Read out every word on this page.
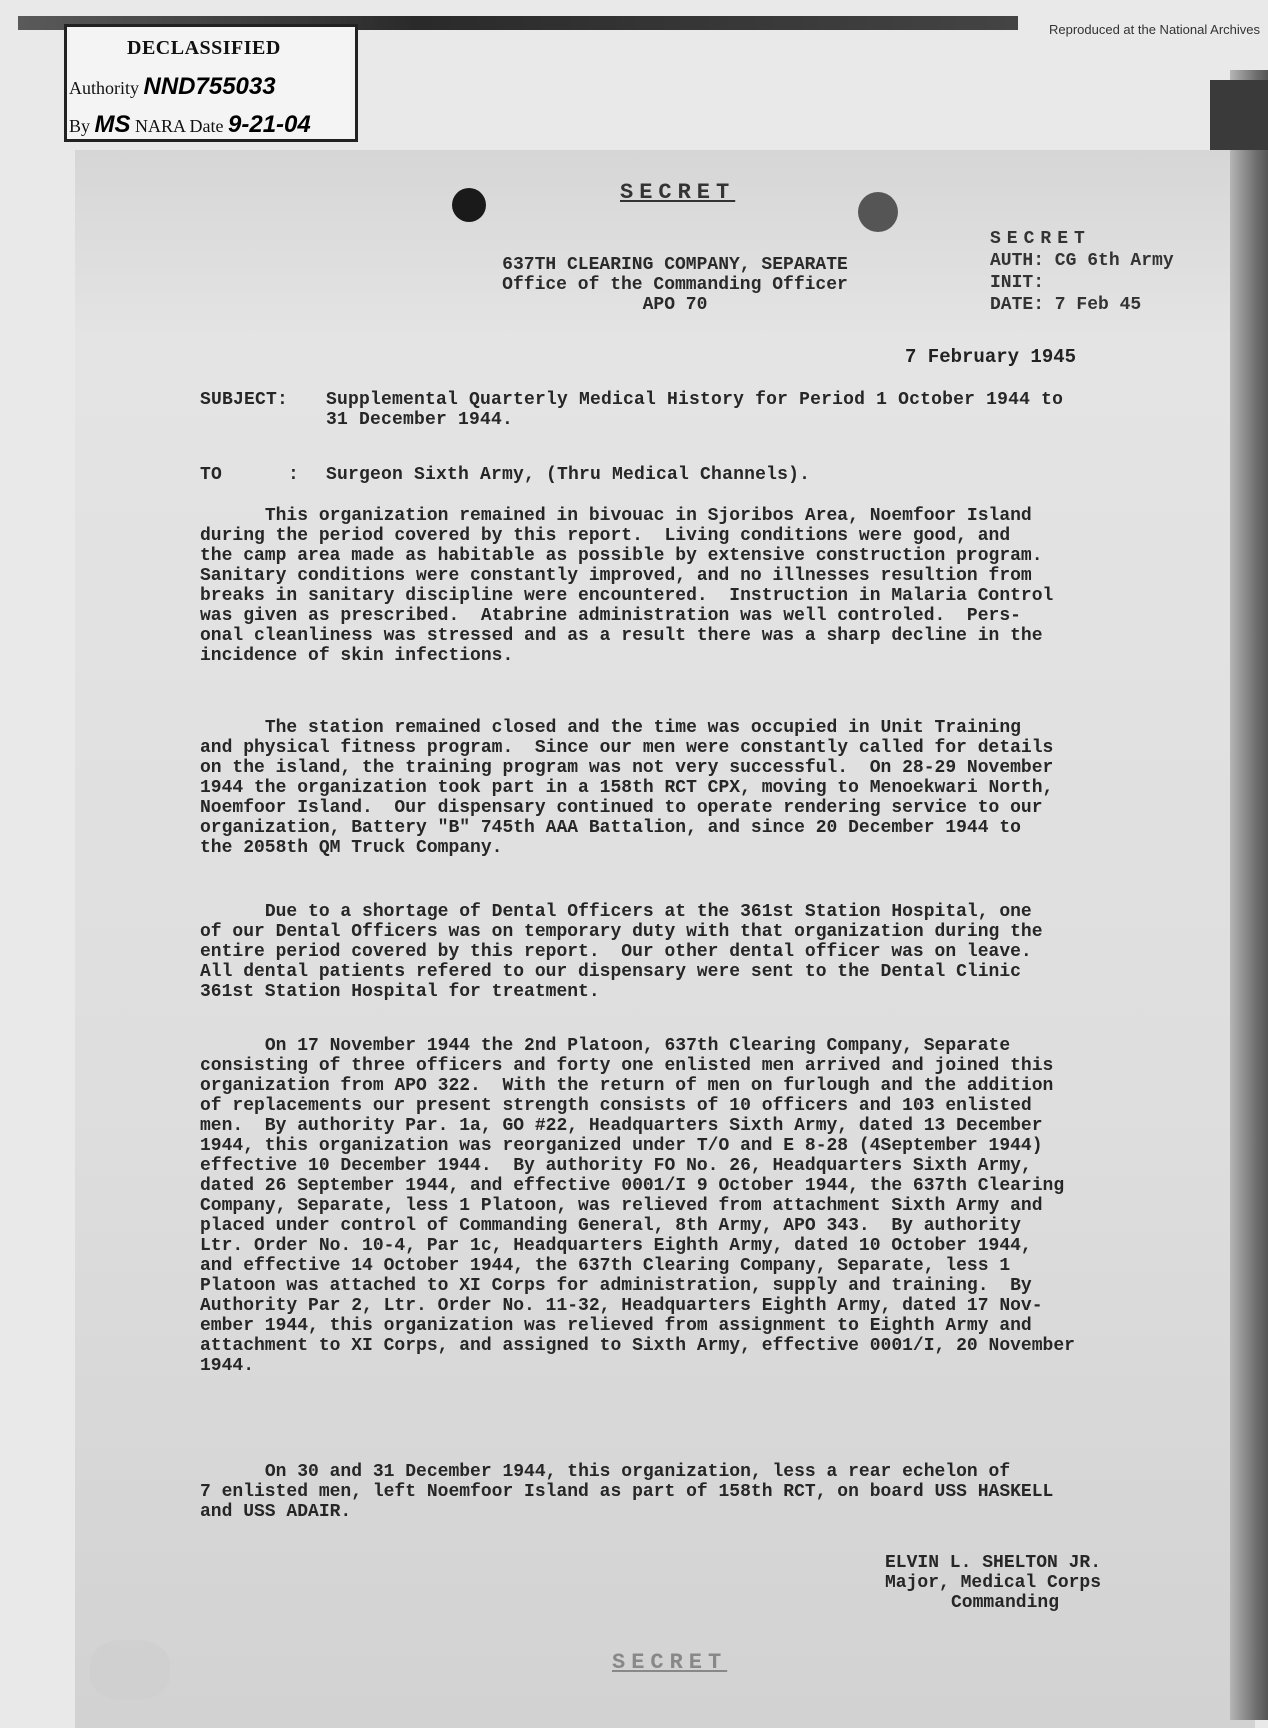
Reproduced at the National Archives
DECLASSIFIED
Authority NND755033
By MS NARA Date 9-21-04
SECRET
637TH CLEARING COMPANY, SEPARATE
Office of the Commanding Officer
APO 70
SECRET
AUTH: CG 6th Army
INIT:
DATE: 7 Feb 45
7 February 1945

SUBJECT:

Supplemental Quarterly Medical History for Period 1 October 1944 to
31 December 1944.

TO      :

Surgeon Sixth Army, (Thru Medical Channels).

This organization remained in bivouac in Sjoribos Area, Noemfoor Island
during the period covered by this report.  Living conditions were good, and
the camp area made as habitable as possible by extensive construction program.
Sanitary conditions were constantly improved, and no illnesses resultion from
breaks in sanitary discipline were encountered.  Instruction in Malaria Control
was given as prescribed.  Atabrine administration was well controled.  Pers-
onal cleanliness was stressed and as a result there was a sharp decline in the
incidence of skin infections.
The station remained closed and the time was occupied in Unit Training
and physical fitness program.  Since our men were constantly called for details
on the island, the training program was not very successful.  On 28-29 November
1944 the organization took part in a 158th RCT CPX, moving to Menoekwari North,
Noemfoor Island.  Our dispensary continued to operate rendering service to our
organization, Battery "B" 745th AAA Battalion, and since 20 December 1944 to
the 2058th QM Truck Company.
Due to a shortage of Dental Officers at the 361st Station Hospital, one
of our Dental Officers was on temporary duty with that organization during the
entire period covered by this report.  Our other dental officer was on leave.
All dental patients refered to our dispensary were sent to the Dental Clinic
361st Station Hospital for treatment.
On 17 November 1944 the 2nd Platoon, 637th Clearing Company, Separate
consisting of three officers and forty one enlisted men arrived and joined this
organization from APO 322.  With the return of men on furlough and the addition
of replacements our present strength consists of 10 officers and 103 enlisted
men.  By authority Par. 1a, GO #22, Headquarters Sixth Army, dated 13 December
1944, this organization was reorganized under T/O and E 8-28 (4September 1944)
effective 10 December 1944.  By authority FO No. 26, Headquarters Sixth Army,
dated 26 September 1944, and effective 0001/I 9 October 1944, the 637th Clearing
Company, Separate, less 1 Platoon, was relieved from attachment Sixth Army and
placed under control of Commanding General, 8th Army, APO 343.  By authority
Ltr. Order No. 10-4, Par 1c, Headquarters Eighth Army, dated 10 October 1944,
and effective 14 October 1944, the 637th Clearing Company, Separate, less 1
Platoon was attached to XI Corps for administration, supply and training.  By
Authority Par 2, Ltr. Order No. 11-32, Headquarters Eighth Army, dated 17 Nov-
ember 1944, this organization was relieved from assignment to Eighth Army and
attachment to XI Corps, and assigned to Sixth Army, effective 0001/I, 20 November
1944.
On 30 and 31 December 1944, this organization, less a rear echelon of
7 enlisted men, left Noemfoor Island as part of 158th RCT, on board USS HASKELL
and USS ADAIR.
ELVIN L. SHELTON JR.
Major, Medical Corps
Commanding
SECRET
